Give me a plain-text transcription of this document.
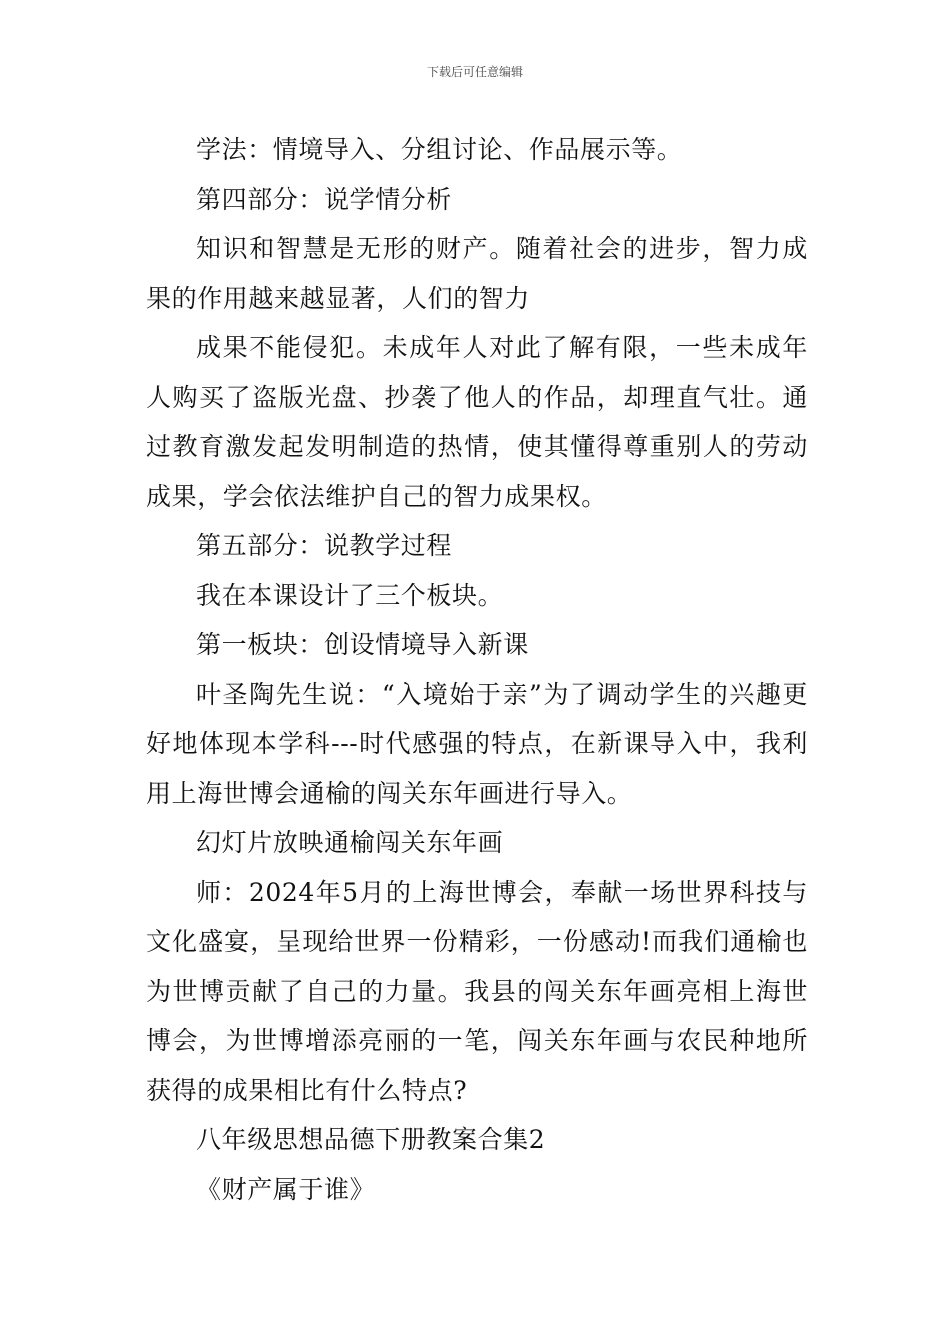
下载后可任意编辑

学法：情境导入、分组讨论、作品展示等。

第四部分：说学情分析

知识和智慧是无形的财产。随着社会的进步，智力成果的作用越来越显著，人们的智力

成果不能侵犯。未成年人对此了解有限，一些未成年人购买了盗版光盘、抄袭了他人的作品，却理直气壮。通过教育激发起发明制造的热情，使其懂得尊重别人的劳动成果，学会依法维护自己的智力成果权。

第五部分：说教学过程

我在本课设计了三个板块。

第一板块：创设情境导入新课

叶圣陶先生说：“入境始于亲”为了调动学生的兴趣更好地体现本学科---时代感强的特点，在新课导入中，我利用上海世博会通榆的闯关东年画进行导入。

幻灯片放映通榆闯关东年画

师：2024年5月的上海世博会，奉献一场世界科技与文化盛宴，呈现给世界一份精彩，一份感动!而我们通榆也为世博贡献了自己的力量。我县的闯关东年画亮相上海世博会，为世博增添亮丽的一笔，闯关东年画与农民种地所获得的成果相比有什么特点?

八年级思想品德下册教案合集2

《财产属于谁》
